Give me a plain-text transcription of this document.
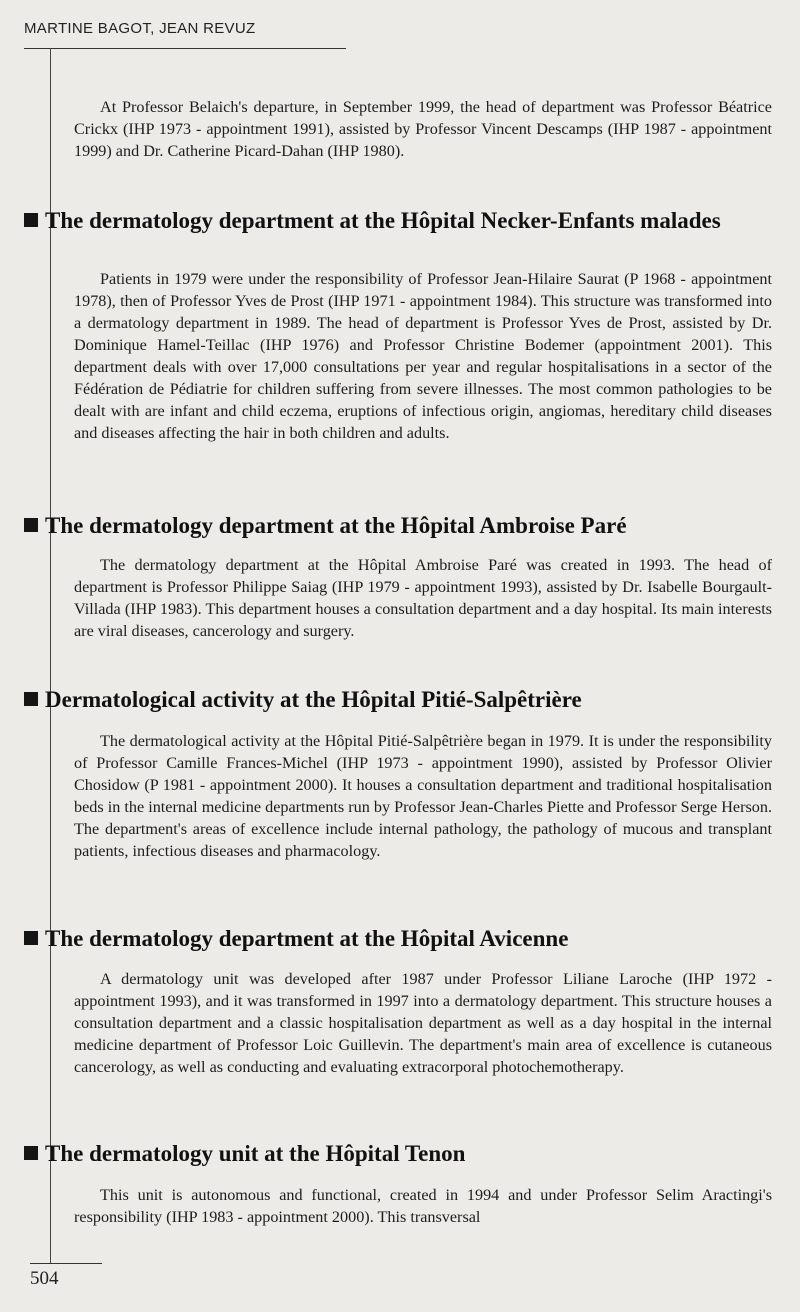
MARTINE BAGOT, JEAN REVUZ

At Professor Belaich's departure, in September 1999, the head of department was Professor Béatrice Crickx (IHP 1973 - appointment 1991), assisted by Professor Vincent Descamps (IHP 1987 - appointment 1999) and Dr. Catherine Picard-Dahan (IHP 1980).

The dermatology department at the Hôpital Necker-Enfants malades

Patients in 1979 were under the responsibility of Professor Jean-Hilaire Saurat (P 1968 - appointment 1978), then of Professor Yves de Prost (IHP 1971 - appointment 1984). This structure was transformed into a dermatology department in 1989. The head of department is Professor Yves de Prost, assisted by Dr. Dominique Hamel-Teillac (IHP 1976) and Professor Christine Bodemer (appointment 2001). This department deals with over 17,000 consultations per year and regular hospitalisations in a sector of the Fédération de Pédiatrie for children suffering from severe illnesses. The most common pathologies to be dealt with are infant and child eczema, eruptions of infectious origin, angiomas, hereditary child diseases and diseases affecting the hair in both children and adults.

The dermatology department at the Hôpital Ambroise Paré

The dermatology department at the Hôpital Ambroise Paré was created in 1993. The head of department is Professor Philippe Saiag (IHP 1979 - appointment 1993), assisted by Dr. Isabelle Bourgault-Villada (IHP 1983). This department houses a consultation department and a day hospital. Its main interests are viral diseases, cancerology and surgery.

Dermatological activity at the Hôpital Pitié-Salpêtrière

The dermatological activity at the Hôpital Pitié-Salpêtrière began in 1979. It is under the responsibility of Professor Camille Frances-Michel (IHP 1973 - appointment 1990), assisted by Professor Olivier Chosidow (P 1981 - appointment 2000). It houses a consultation department and traditional hospitalisation beds in the internal medicine departments run by Professor Jean-Charles Piette and Professor Serge Herson. The department's areas of excellence include internal pathology, the pathology of mucous and transplant patients, infectious diseases and pharmacology.

The dermatology department at the Hôpital Avicenne

A dermatology unit was developed after 1987 under Professor Liliane Laroche (IHP 1972 - appointment 1993), and it was transformed in 1997 into a dermatology department. This structure houses a consultation department and a classic hospitalisation department as well as a day hospital in the internal medicine department of Professor Loic Guillevin. The department's main area of excellence is cutaneous cancerology, as well as conducting and evaluating extracorporal photochemotherapy.

The dermatology unit at the Hôpital Tenon

This unit is autonomous and functional, created in 1994 and under Professor Selim Aractingi's responsibility (IHP 1983 - appointment 2000). This transversal

504
